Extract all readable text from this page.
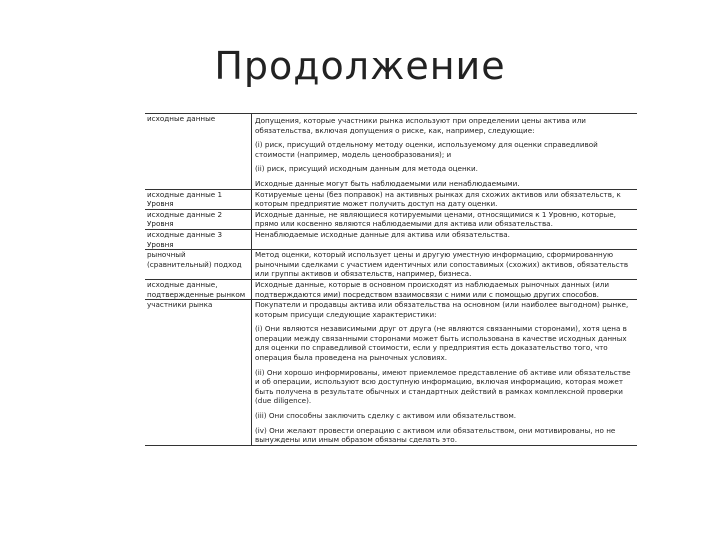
Продолжение
исходные данные	Допущения, которые участники рынка используют при определении цены актива или обязательства, включая допущения о риске, как, например, следующие:
(i) риск, присущий отдельному методу оценки, используемому для оценки справедливой стоимости (например, модель ценообразования); и
(ii) риск, присущий исходным данным для метода оценки.
Исходные данные могут быть наблюдаемыми или ненаблюдаемыми.

исходные данные 1 Уровня	Котируемые цены (без поправок) на активных рынках для схожих активов или обязательств, к которым предприятие может получить доступ на дату оценки.

исходные данные 2 Уровня	Исходные данные, не являющиеся котируемыми ценами, относящимися к 1 Уровню, которые, прямо или косвенно являются наблюдаемыми для актива или обязательства.

исходные данные 3 Уровня	Ненаблюдаемые исходные данные для актива или обязательства.

рыночный (сравнительный) подход	Метод оценки, который использует цены и другую уместную информацию, сформированную рыночными сделками с участием идентичных или сопоставимых (схожих) активов, обязательств или группы активов и обязательств, например, бизнеса.

исходные данные, подтвержденные рынком	Исходные данные, которые в основном происходят из наблюдаемых рыночных данных (или подтверждаются ими) посредством взаимосвязи с ними или с помощью других способов.

участники рынка	Покупатели и продавцы актива или обязательства на основном (или наиболее выгодном) рынке, которым присущи следующие характеристики:
(i) Они являются независимыми друг от друга (не являются связанными сторонами), хотя цена в операции между связанными сторонами может быть использована в качестве исходных данных для оценки по справедливой стоимости, если у предприятия есть доказательство того, что операция была проведена на рыночных условиях.
(ii) Они хорошо информированы, имеют приемлемое представление об активе или обязательстве и об операции, используют всю доступную информацию, включая информацию, которая может быть получена в результате обычных и стандартных действий в рамках комплексной проверки (due diligence).
(iii) Они способны заключить сделку с активом или обязательством.
(iv) Они желают провести операцию с активом или обязательством, они мотивированы, но не вынуждены или иным образом обязаны сделать это.
